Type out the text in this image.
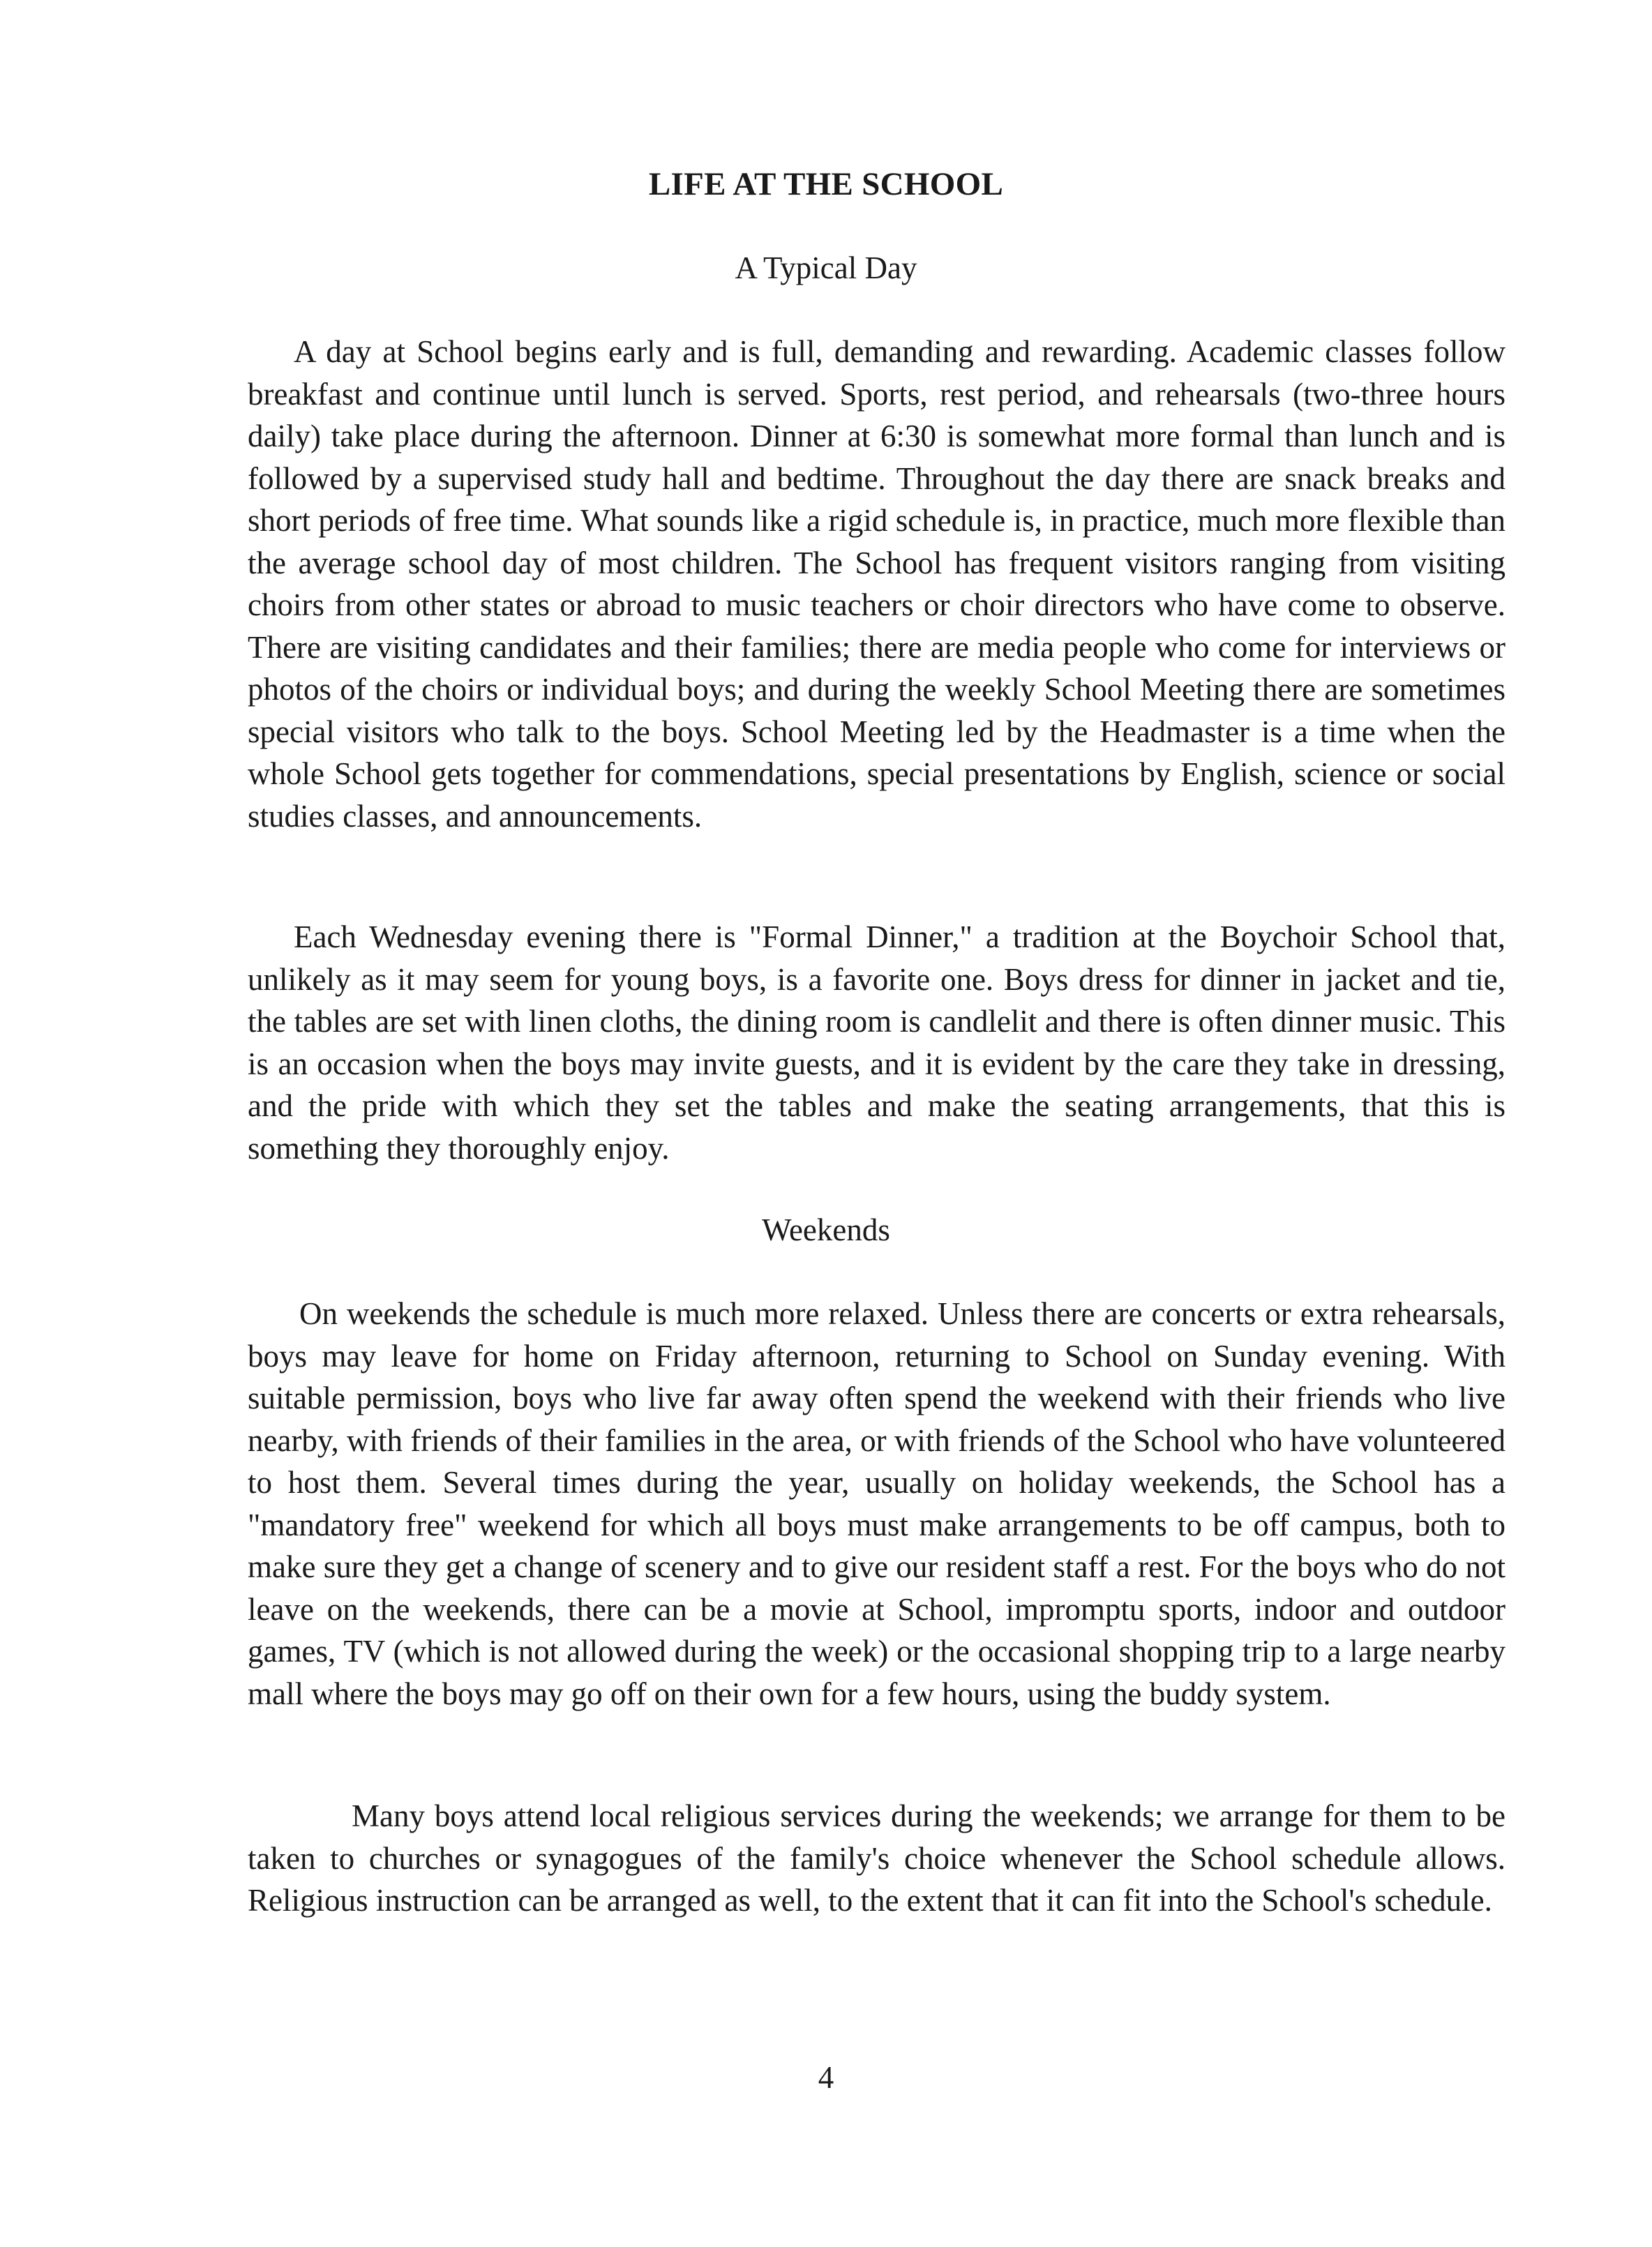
LIFE AT THE SCHOOL
A Typical Day

A day at School begins early and is full, demanding and rewarding. Academic classes follow breakfast and continue until lunch is served. Sports, rest period, and rehearsals (two-three hours daily) take place during the afternoon. Dinner at 6:30 is somewhat more formal than lunch and is followed by a supervised study hall and bedtime. Throughout the day there are snack breaks and short periods of free time. What sounds like a rigid schedule is, in practice, much more flexible than the average school day of most children. The School has frequent visitors ranging from visiting choirs from other states or abroad to music teachers or choir directors who have come to observe. There are visiting candidates and their families; there are media people who come for interviews or photos of the choirs or individual boys; and during the weekly School Meeting there are sometimes special visitors who talk to the boys. School Meeting led by the Headmaster is a time when the whole School gets together for commendations, special presentations by English, science or social studies classes, and announcements.

Each Wednesday evening there is "Formal Dinner," a tradition at the Boychoir School that, unlikely as it may seem for young boys, is a favorite one. Boys dress for dinner in jacket and tie, the tables are set with linen cloths, the dining room is candlelit and there is often dinner music. This is an occasion when the boys may invite guests, and it is evident by the care they take in dressing, and the pride with which they set the tables and make the seating arrangements, that this is something they thoroughly enjoy.

Weekends

On weekends the schedule is much more relaxed. Unless there are concerts or extra rehearsals, boys may leave for home on Friday afternoon, returning to School on Sunday evening. With suitable permission, boys who live far away often spend the weekend with their friends who live nearby, with friends of their families in the area, or with friends of the School who have volunteered to host them. Several times during the year, usually on holiday weekends, the School has a "mandatory free" weekend for which all boys must make arrangements to be off campus, both to make sure they get a change of scenery and to give our resident staff a rest. For the boys who do not leave on the weekends, there can be a movie at School, impromptu sports, indoor and outdoor games, TV (which is not allowed during the week) or the occasional shopping trip to a large nearby mall where the boys may go off on their own for a few hours, using the buddy system.

Many boys attend local religious services during the weekends; we arrange for them to be taken to churches or synagogues of the family's choice whenever the School schedule allows. Religious instruction can be arranged as well, to the extent that it can fit into the School's schedule.

4
